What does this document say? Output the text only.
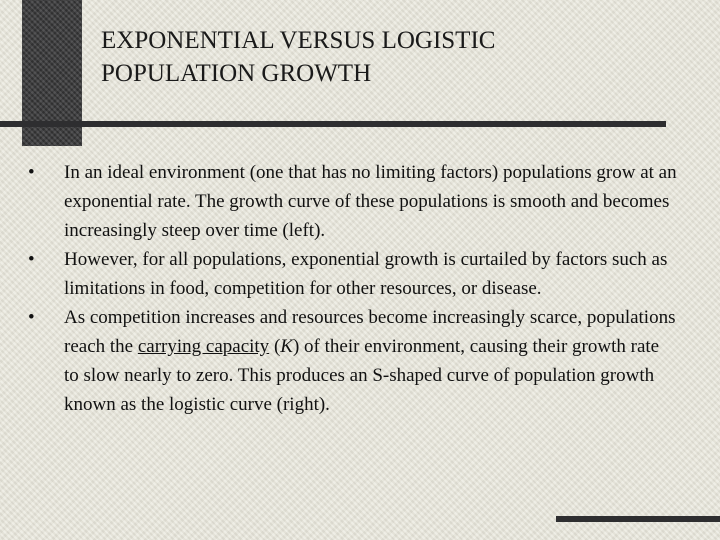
EXPONENTIAL VERSUS LOGISTIC
POPULATION GROWTH
•	In an ideal environment (one that has no limiting factors) populations grow at an exponential rate. The growth curve of these populations is smooth and becomes increasingly steep over time (left).
•	However, for all populations, exponential growth is curtailed by factors such as limitations in food, competition for other resources, or disease.
•	As competition increases and resources become increasingly scarce, populations reach the carrying capacity (K) of their environment, causing their growth rate to slow nearly to zero. This produces an S-shaped curve of population growth known as the logistic curve (right).
